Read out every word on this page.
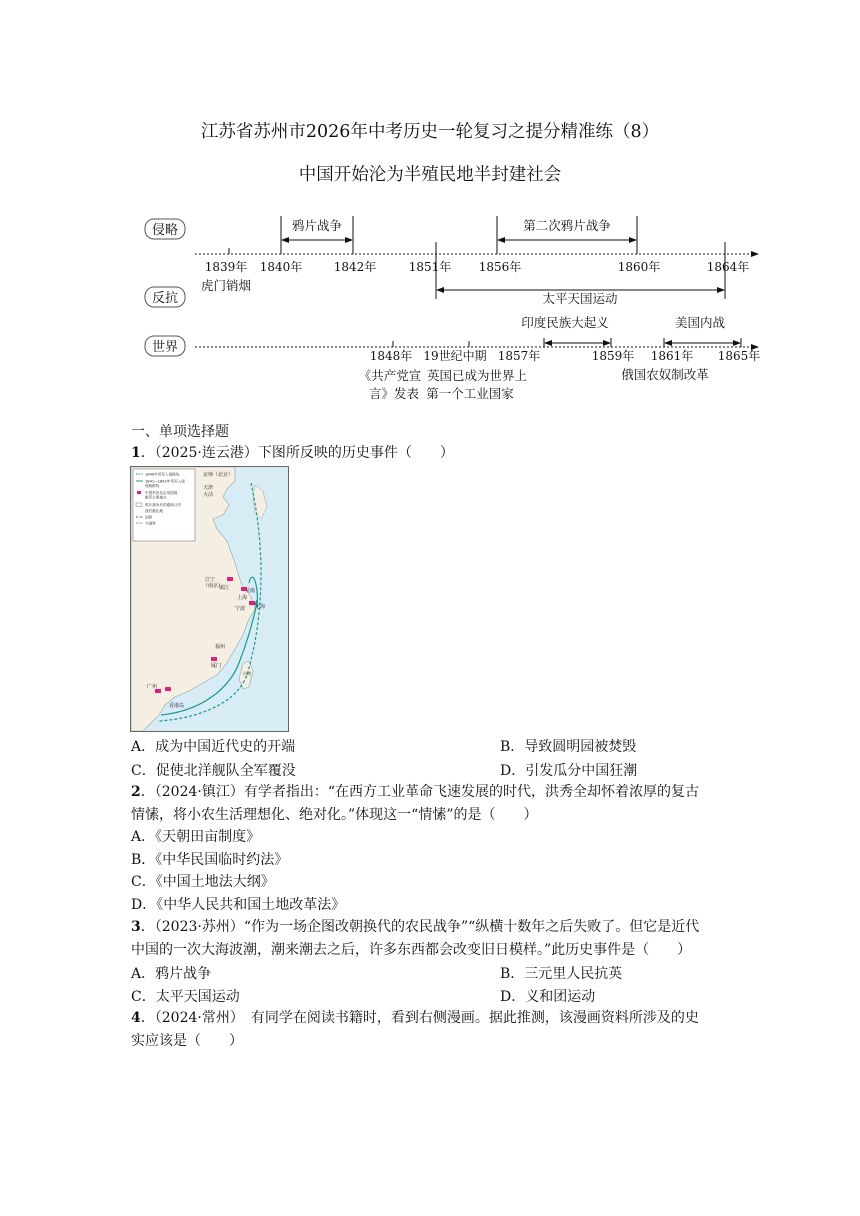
江苏省苏州市2026年中考历史一轮复习之提分精准练（8）
中国开始沦为半殖民地半封建社会
侵略
反抗
世界
鸦片战争	第二次鸦片战争
太平天国运动
1839年 1840年	1842年	1851年 1856年	1860年	1864年
虎门销烟
印度民族大起义	美国内战
1848年 19世纪中期 1857年	1859年 1861年 1865年
《共产党宣
言》发表
英国已成为世界上
第一个工业国家
俄国农奴制改革
一、单项选择题
1．（2025·连云港）下图所反映的历史事件（　　）
1840年英军入侵路线
1841—1842年英军入侵
侵略路线
中国军民抗击英国侵
略军主要地点
鸦片战争后的通商口岸
战后割让地
国界
今国界
京师（北京）
天津
大沽
江宁
（南京）
镇江	吴淞
上海
宁波 定海
福州
厦门
广州
香港岛
台湾
A．成为中国近代史的开端	B．导致圆明园被焚毁
C．促使北洋舰队全军覆没	D．引发瓜分中国狂潮
2．（2024·镇江）有学者指出：“在西方工业革命飞速发展的时代，洪秀全却怀着浓厚的复古
情愫，将小农生活理想化、绝对化。”体现这一“情愫”的是（　　）
A．《天朝田亩制度》
B．《中华民国临时约法》
C．《中国土地法大纲》
D．《中华人民共和国土地改革法》
3．（2023·苏州）“作为一场企图改朝换代的农民战争”“纵横十数年之后失败了。但它是近代
中国的一次大海波潮，潮来潮去之后，许多东西都会改变旧日模样。”此历史事件是（　　）
A．鸦片战争	B．三元里人民抗英
C．太平天国运动	D．义和团运动
4．（2024·常州）　有同学在阅读书籍时，看到右侧漫画。据此推测，该漫画资料所涉及的史
实应该是（　　）
